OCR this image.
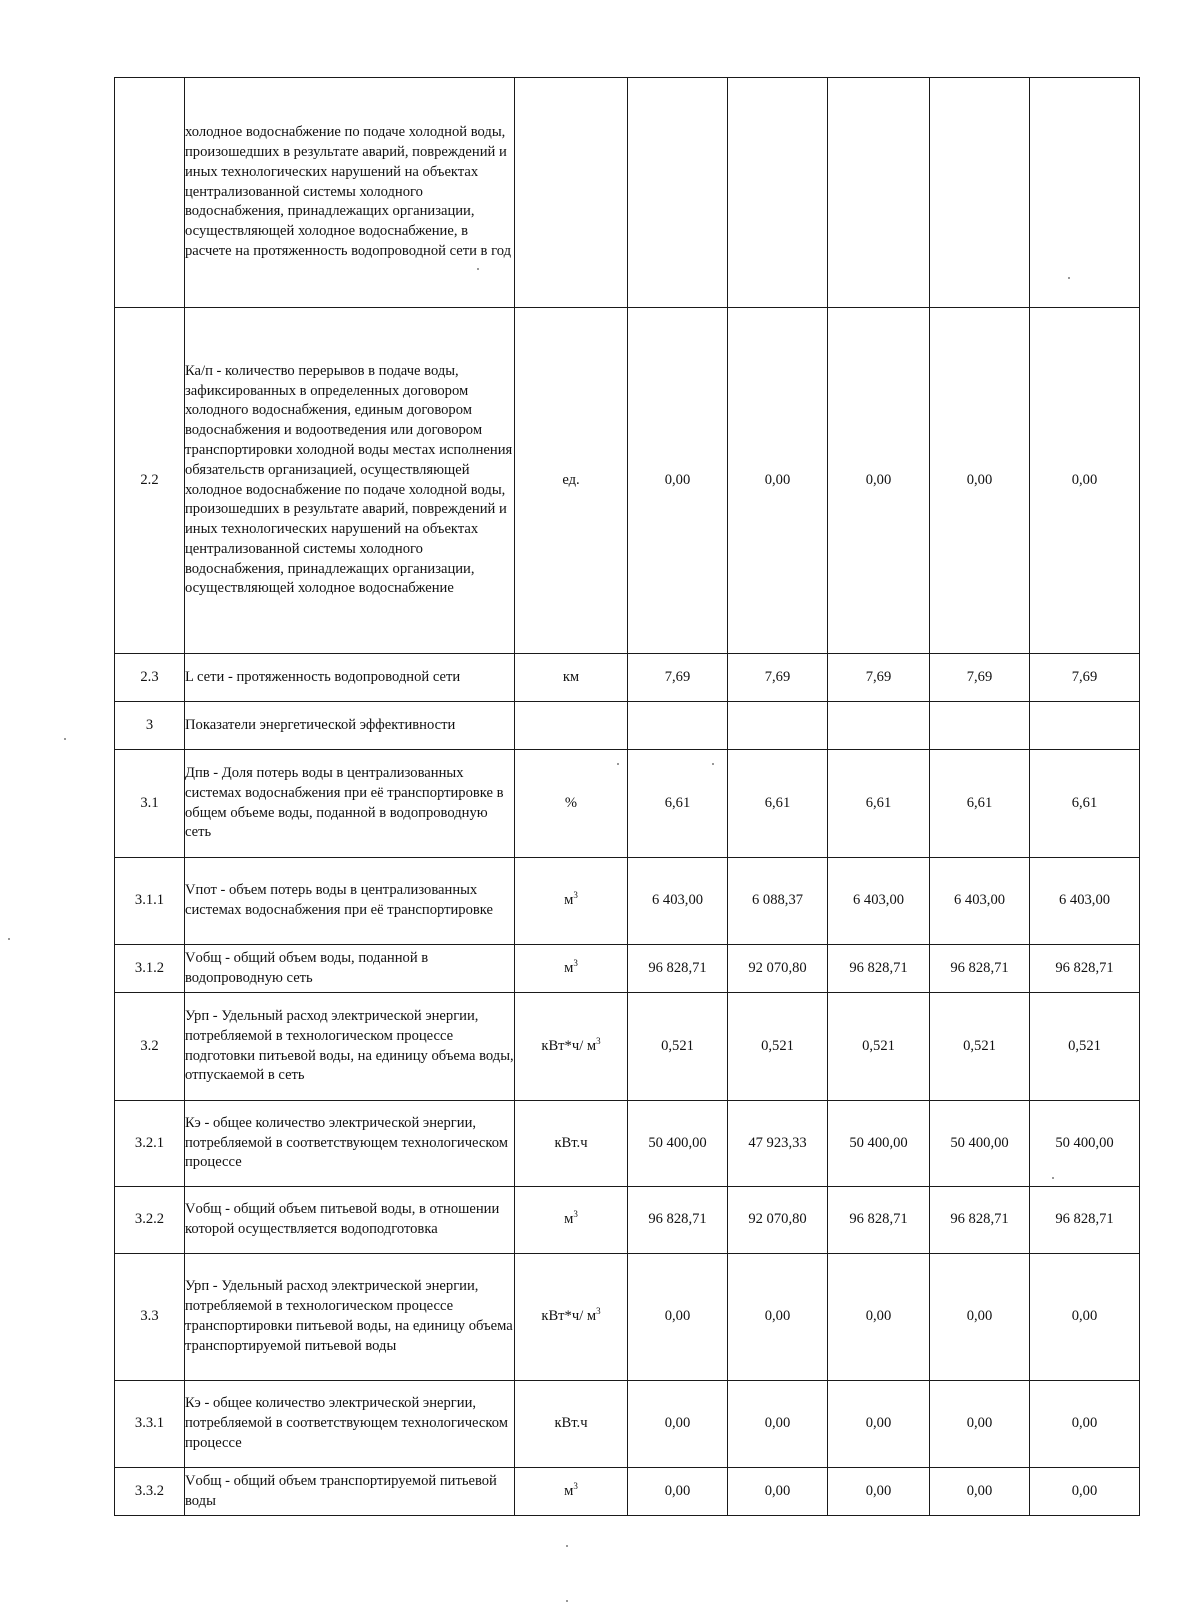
	холодное водоснабжение по подаче холодной воды, произошедших в результате аварий, повреждений и иных технологических нарушений на объектах централизованной системы холодного водоснабжения, принадлежащих организации, осуществляющей холодное водоснабжение, в расчете на протяженность водопроводной сети в год						
2.2	Ка/п - количество перерывов в подаче воды, зафиксированных в определенных договором холодного водоснабжения, единым договором водоснабжения и водоотведения или договором транспортировки холодной воды местах исполнения обязательств организацией, осуществляющей холодное водоснабжение по подаче холодной воды, произошедших в результате аварий, повреждений и иных технологических нарушений на объектах централизованной системы холодного водоснабжения, принадлежащих организации, осуществляющей холодное водоснабжение	ед.	0,00	0,00	0,00	0,00	0,00
2.3	L сети - протяженность водопроводной сети	км	7,69	7,69	7,69	7,69	7,69
3	Показатели энергетической эффективности						
3.1	Дпв - Доля потерь воды в централизованных системах водоснабжения при её транспортировке в общем объеме воды, поданной в водопроводную сеть	%	6,61	6,61	6,61	6,61	6,61
3.1.1	Vпот - объем потерь воды в централизованных системах водоснабжения при её транспортировке	$м^3$	6 403,00	6 088,37	6 403,00	6 403,00	6 403,00
3.1.2	Vобщ - общий объем воды, поданной в водопроводную сеть	$м^3$	96 828,71	92 070,80	96 828,71	96 828,71	96 828,71
3.2	Урп - Удельный расход электрической энергии, потребляемой в технологическом процессе подготовки питьевой воды, на единицу объема воды, отпускаемой в сеть	кВт*ч/ $м^3$	0,521	0,521	0,521	0,521	0,521
3.2.1	Кэ - общее количество электрической энергии, потребляемой в соответствующем технологическом процессе	кВт.ч	50 400,00	47 923,33	50 400,00	50 400,00	50 400,00
3.2.2	Vобщ - общий объем питьевой воды, в отношении которой осуществляется водоподготовка	$м^3$	96 828,71	92 070,80	96 828,71	96 828,71	96 828,71
3.3	Урп - Удельный расход электрической энергии, потребляемой в технологическом процессе транспортировки питьевой воды, на единицу объема транспортируемой питьевой воды	кВт*ч/ $м^3$	0,00	0,00	0,00	0,00	0,00
3.3.1	Кэ - общее количество электрической энергии, потребляемой в соответствующем технологическом процессе	кВт.ч	0,00	0,00	0,00	0,00	0,00
3.3.2	Vобщ - общий объем транспортируемой питьевой воды	$м^3$	0,00	0,00	0,00	0,00	0,00
